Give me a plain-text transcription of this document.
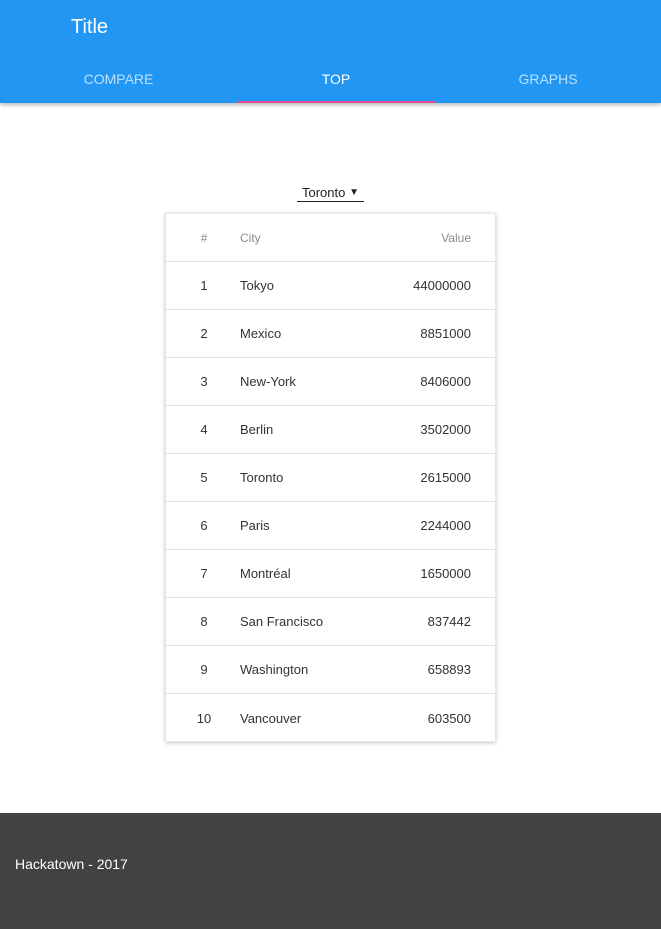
Title
COMPARE	TOP	GRAPHS
Toronto ▼
#	City	Value
1	Tokyo	44000000
2	Mexico	8851000
3	New-York	8406000
4	Berlin	3502000
5	Toronto	2615000
6	Paris	2244000
7	Montréal	1650000
8	San Francisco	837442
9	Washington	658893
10	Vancouver	603500
Hackatown - 2017
